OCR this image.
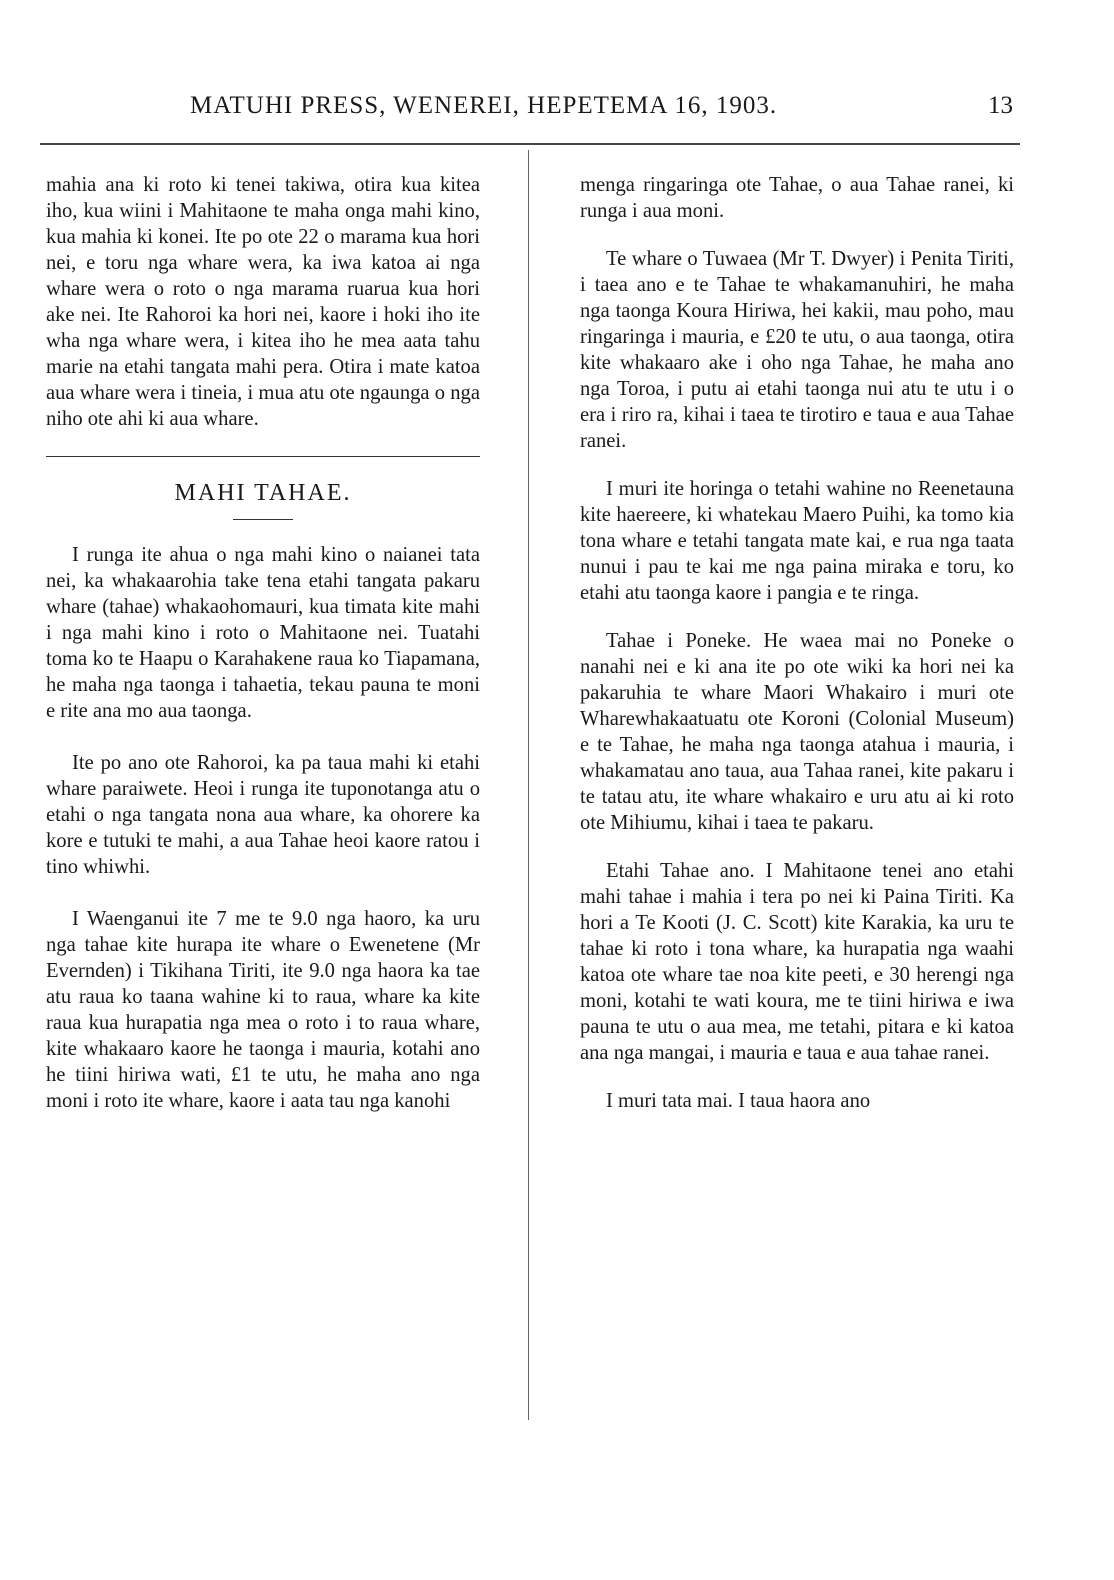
MATUHI PRESS, WENEREI, HEPETEMA 16, 1903.	13

mahia ana ki roto ki tenei takiwa, otira kua kitea iho, kua wiini i Mahitaone te maha onga mahi kino, kua mahia ki konei. Ite po ote 22 o marama kua hori nei, e toru nga whare wera, ka iwa katoa ai nga whare wera o roto o nga marama ruarua kua hori ake nei. Ite Rahoroi ka hori nei, kaore i hoki iho ite wha nga whare wera, i kitea iho he mea aata tahu marie na etahi tangata mahi pera. Otira i mate katoa aua whare wera i tineia, i mua atu ote ngaunga o nga niho ote ahi ki aua whare.

MAHI TAHAE.

I runga ite ahua o nga mahi kino o naianei tata nei, ka whakaarohia take tena etahi tangata pakaru whare (tahae) whakaohomauri, kua timata kite mahi i nga mahi kino i roto o Mahitaone nei. Tuatahi toma ko te Haapu o Karahakene raua ko Tiapamana, he maha nga taonga i tahaetia, tekau pauna te moni e rite ana mo aua taonga.

Ite po ano ote Rahoroi, ka pa taua mahi ki etahi whare paraiwete. Heoi i runga ite tuponotanga atu o etahi o nga tangata nona aua whare, ka ohorere ka kore e tutuki te mahi, a aua Tahae heoi kaore ratou i tino whiwhi.

I Waenganui ite 7 me te 9.0 nga haoro, ka uru nga tahae kite hurapa ite whare o Ewenetene (Mr Evernden) i Tikihana Tiriti, ite 9.0 nga haora ka tae atu raua ko taana wahine ki to raua, whare ka kite raua kua hurapatia nga mea o roto i to raua whare, kite whakaaro kaore he taonga i mauria, kotahi ano he tiini hiriwa wati, £1 te utu, he maha ano nga moni i roto ite whare, kaore i aata tau nga kanohi

menga ringaringa ote Tahae, o aua Tahae ranei, ki runga i aua moni.

Te whare o Tuwaea (Mr T. Dwyer) i Penita Tiriti, i taea ano e te Tahae te whakamanuhiri, he maha nga taonga Koura Hiriwa, hei kakii, mau poho, mau ringaringa i mauria, e £20 te utu, o aua taonga, otira kite whakaaro ake i oho nga Tahae, he maha ano nga Toroa, i putu ai etahi taonga nui atu te utu i o era i riro ra, kihai i taea te tirotiro e taua e aua Tahae ranei.

I muri ite horinga o tetahi wahine no Reenetauna kite haereere, ki whatekau Maero Puihi, ka tomo kia tona whare e tetahi tangata mate kai, e rua nga taata nunui i pau te kai me nga paina miraka e toru, ko etahi atu taonga kaore i pangia e te ringa.

Tahae i Poneke. He waea mai no Poneke o nanahi nei e ki ana ite po ote wiki ka hori nei ka pakaruhia te whare Maori Whakairo i muri ote Wharewhakaatuatu ote Koroni (Colonial Museum) e te Tahae, he maha nga taonga atahua i mauria, i whakamatau ano taua, aua Tahaa ranei, kite pakaru i te tatau atu, ite whare whakairo e uru atu ai ki roto ote Mihiumu, kihai i taea te pakaru.

Etahi Tahae ano. I Mahitaone tenei ano etahi mahi tahae i mahia i tera po nei ki Paina Tiriti. Ka hori a Te Kooti (J. C. Scott) kite Karakia, ka uru te tahae ki roto i tona whare, ka hurapatia nga waahi katoa ote whare tae noa kite peeti, e 30 herengi nga moni, kotahi te wati koura, me te tiini hiriwa e iwa pauna te utu o aua mea, me tetahi, pitara e ki katoa ana nga mangai, i mauria e taua e aua tahae ranei.

I muri tata mai. I taua haora ano
